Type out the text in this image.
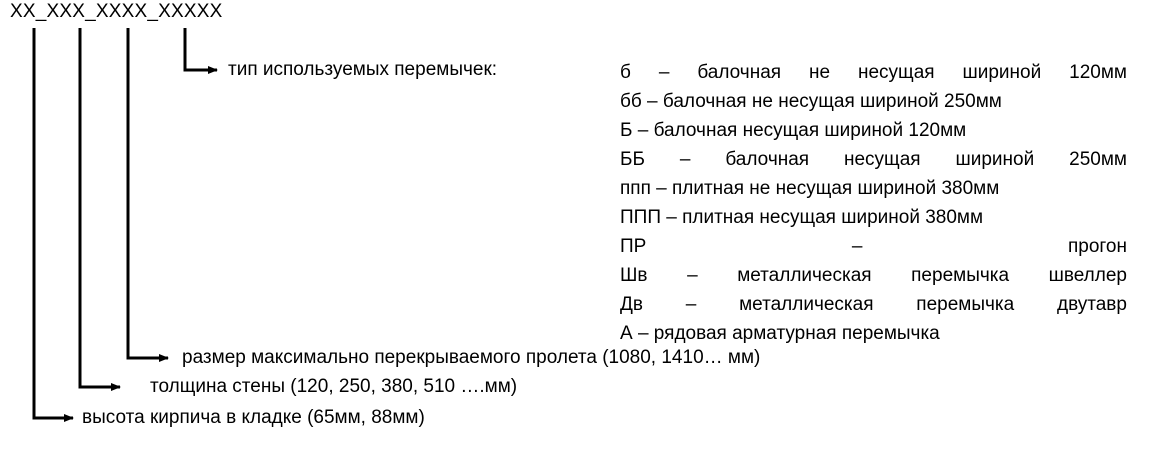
XX_XXX_XXXX_XXXXX
тип используемых перемычек:
размер максимально перекрываемого пролета (1080, 1410… мм)
толщина стены (120, 250, 380, 510 ….мм)
высота кирпича в кладке (65мм, 88мм)
б – балочная не несущая шириной 120мм
бб – балочная не несущая шириной 250мм
Б – балочная несущая шириной 120мм
ББ – балочная несущая шириной 250мм
ппп – плитная не несущая шириной 380мм
ППП – плитная несущая шириной 380мм
ПР	–	прогон
Шв – металлическая перемычка швеллер
Дв – металлическая перемычка двутавр
А – рядовая арматурная перемычка
